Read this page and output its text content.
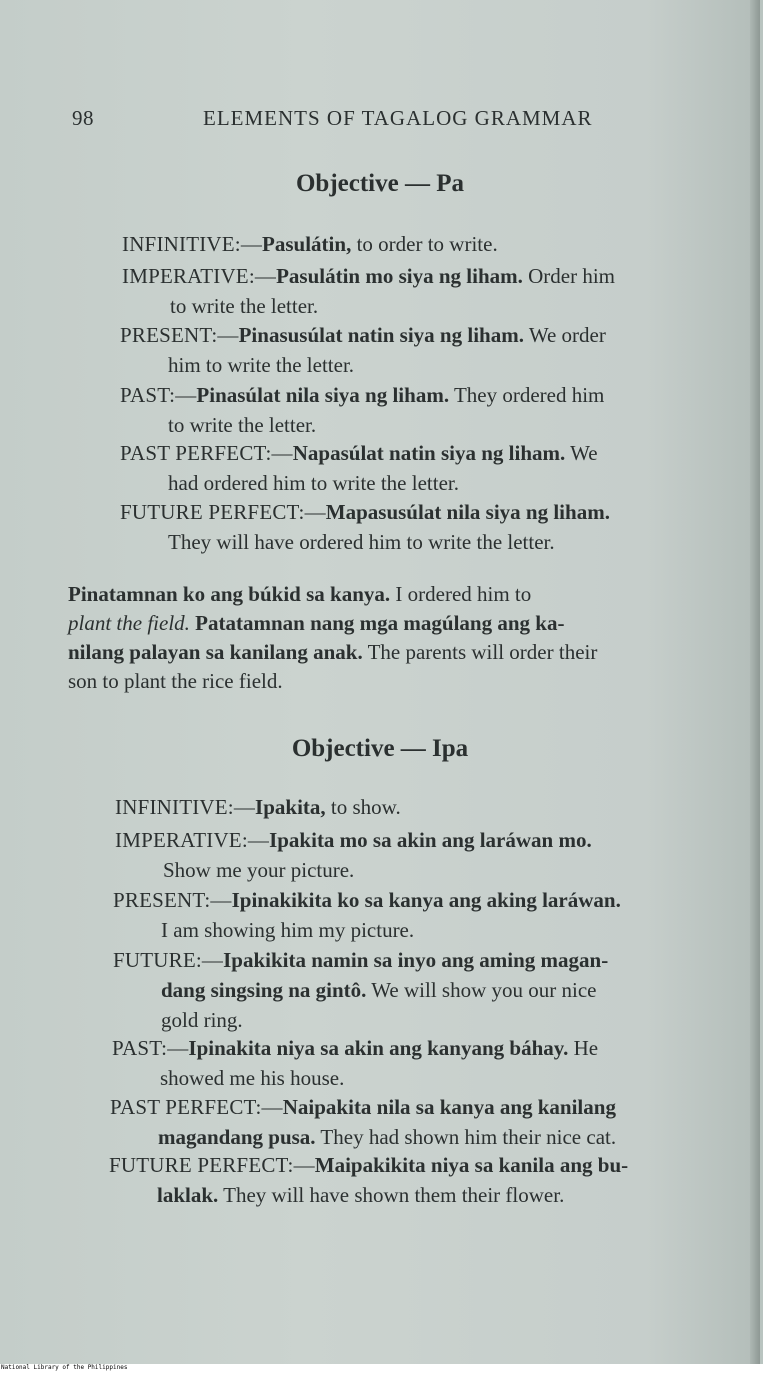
98	ELEMENTS OF TAGALOG GRAMMAR
Objective — Pa
INFINITIVE:—Pasulátin, to order to write.
IMPERATIVE:—Pasulátin mo siya ng liham. Order him
to write the letter.
PRESENT:—Pinasusúlat natin siya ng liham. We order
him to write the letter.
PAST:—Pinasúlat nila siya ng liham. They ordered him
to write the letter.
PAST PERFECT:—Napasúlat natin siya ng liham. We
had ordered him to write the letter.
FUTURE PERFECT:—Mapasusúlat nila siya ng liham.
They will have ordered him to write the letter.
Pinatamnan ko ang búkid sa kanya. I ordered him to
plant the field. Patatamnan nang mga magúlang ang ka-
nilang palayan sa kanilang anak. The parents will order their
son to plant the rice field.
Objective — Ipa
INFINITIVE:—Ipakita, to show.
IMPERATIVE:—Ipakita mo sa akin ang laráwan mo.
Show me your picture.
PRESENT:—Ipinakikita ko sa kanya ang aking laráwan.
I am showing him my picture.
FUTURE:—Ipakikita namin sa inyo ang aming magan-
dang singsing na gintô. We will show you our nice
gold ring.
PAST:—Ipinakita niya sa akin ang kanyang báhay. He
showed me his house.
PAST PERFECT:—Naipakita nila sa kanya ang kanilang
magandang pusa. They had shown him their nice cat.
FUTURE PERFECT:—Maipakikita niya sa kanila ang bu-
laklak. They will have shown them their flower.
National Library of the Philippines
